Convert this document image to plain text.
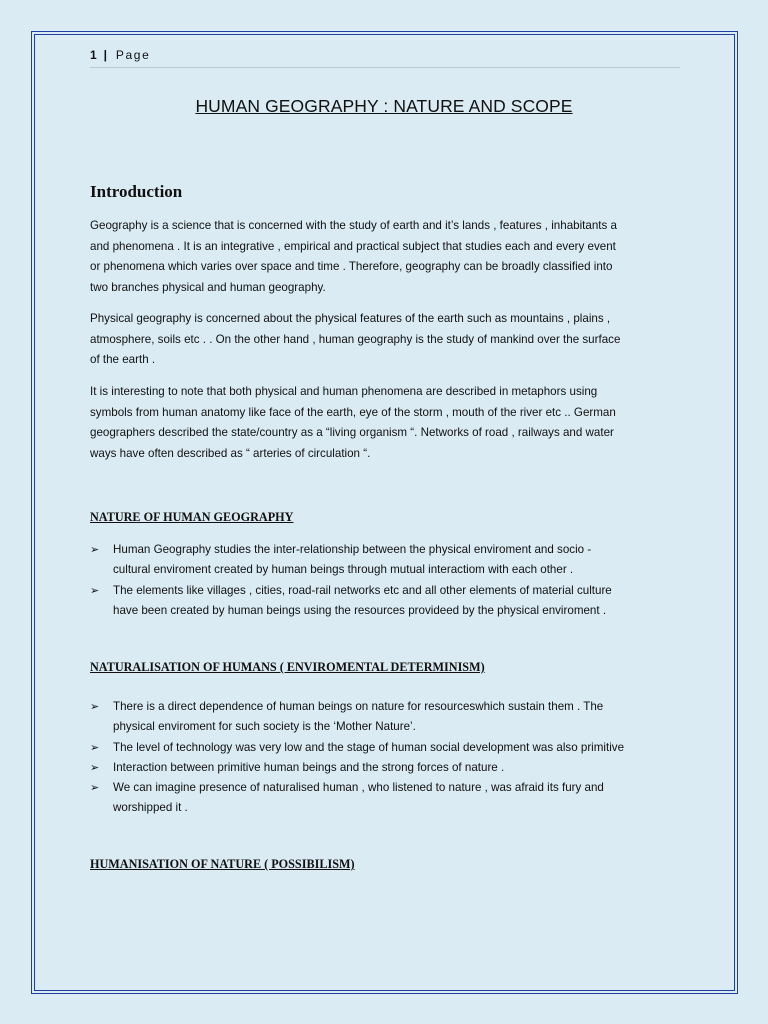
1 | Page
HUMAN GEOGRAPHY : NATURE AND SCOPE
Introduction

Geography is a science that is concerned with the study of earth and it’s lands , features , inhabitants a
and phenomena . It is an integrative , empirical and practical subject that studies each and every event
or phenomena which varies over space and time . Therefore, geography can be broadly classified into
two branches physical and human geography.

Physical geography is concerned about the physical features of the earth such as mountains , plains ,
atmosphere, soils etc . . On the other hand , human geography is the study of mankind over the surface
of the earth .

It is interesting to note that both physical and human phenomena are described in metaphors using
symbols from human anatomy like face of the earth, eye of the storm , mouth of the river etc .. German
geographers described the state/country as a “living organism “. Networks of road , railways and water
ways have often described as “ arteries of circulation “.

NATURE OF HUMAN GEOGRAPHY
➢ Human Geography studies the inter-relationship between the physical enviroment and socio -
cultural enviroment created by human beings through mutual interactiom with each other .
➢ The elements like villages , cities, road-rail networks etc and all other elements of material culture
have been created by human beings using the resources provideed by the physical enviroment .
NATURALISATION OF HUMANS ( ENVIROMENTAL DETERMINISM)
➢ There is a direct dependence of human beings on nature for resourceswhich sustain them . The
physical enviroment for such society is the ‘Mother Nature’.
➢ The level of technology was very low and the stage of human social development was also primitive
➢ Interaction between primitive human beings and the strong forces of nature .
➢ We can imagine presence of naturalised human , who listened to nature , was afraid its fury and
worshipped it .
HUMANISATION OF NATURE ( POSSIBILISM)
